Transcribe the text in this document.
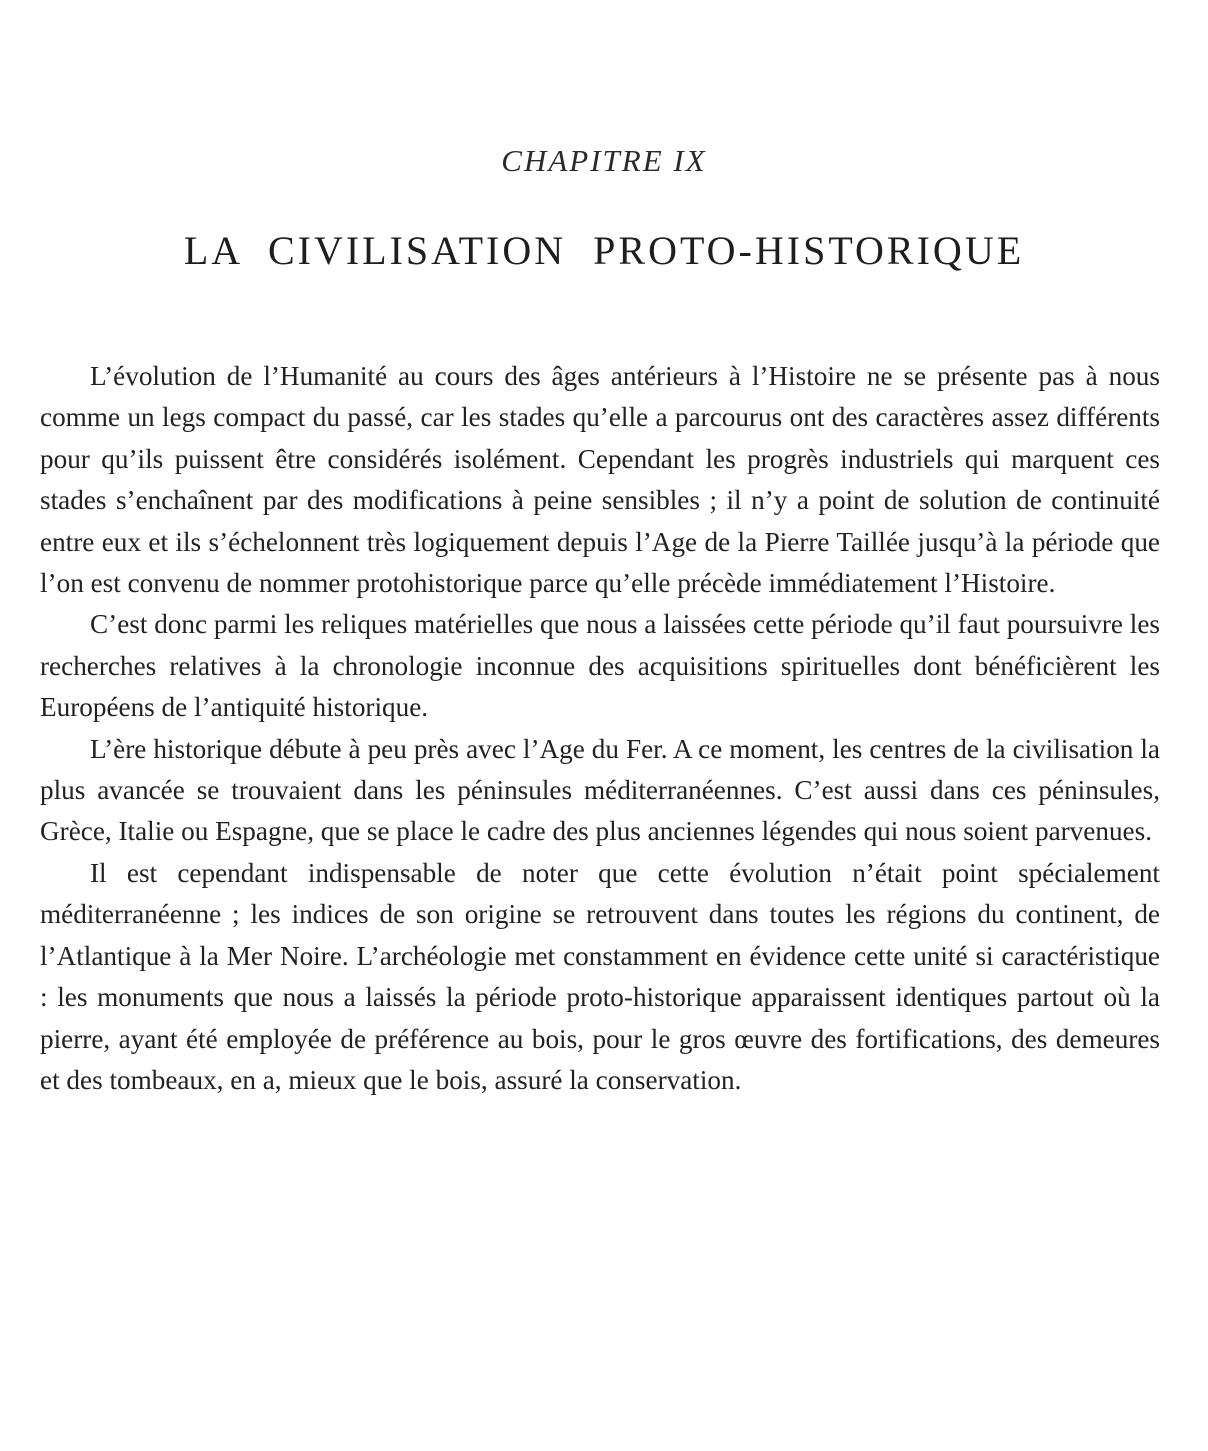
CHAPITRE IX
LA CIVILISATION PROTO-HISTORIQUE

L’évolution de l’Humanité au cours des âges antérieurs à l’Histoire ne se présente pas à nous comme un legs compact du passé, car les stades qu’elle a parcourus ont des caractères assez différents pour qu’ils puissent être considérés isolément. Cependant les progrès industriels qui marquent ces stades s’enchaînent par des modifications à peine sensibles ; il n’y a point de solution de continuité entre eux et ils s’échelonnent très logiquement depuis l’Age de la Pierre Taillée jusqu’à la période que l’on est convenu de nommer protohistorique parce qu’elle précède immédiatement l’Histoire.

C’est donc parmi les reliques matérielles que nous a laissées cette période qu’il faut poursuivre les recherches relatives à la chronologie inconnue des acquisitions spirituelles dont bénéficièrent les Européens de l’antiquité historique.

L’ère historique débute à peu près avec l’Age du Fer. A ce moment, les centres de la civilisation la plus avancée se trouvaient dans les péninsules méditerranéennes. C’est aussi dans ces péninsules, Grèce, Italie ou Espagne, que se place le cadre des plus anciennes légendes qui nous soient parvenues.

Il est cependant indispensable de noter que cette évolution n’était point spécialement méditerranéenne ; les indices de son origine se retrouvent dans toutes les régions du continent, de l’Atlantique à la Mer Noire. L’archéologie met constamment en évidence cette unité si caractéristique : les monuments que nous a laissés la période proto-historique apparaissent identiques partout où la pierre, ayant été employée de préférence au bois, pour le gros œuvre des fortifications, des demeures et des tombeaux, en a, mieux que le bois, assuré la conservation.
